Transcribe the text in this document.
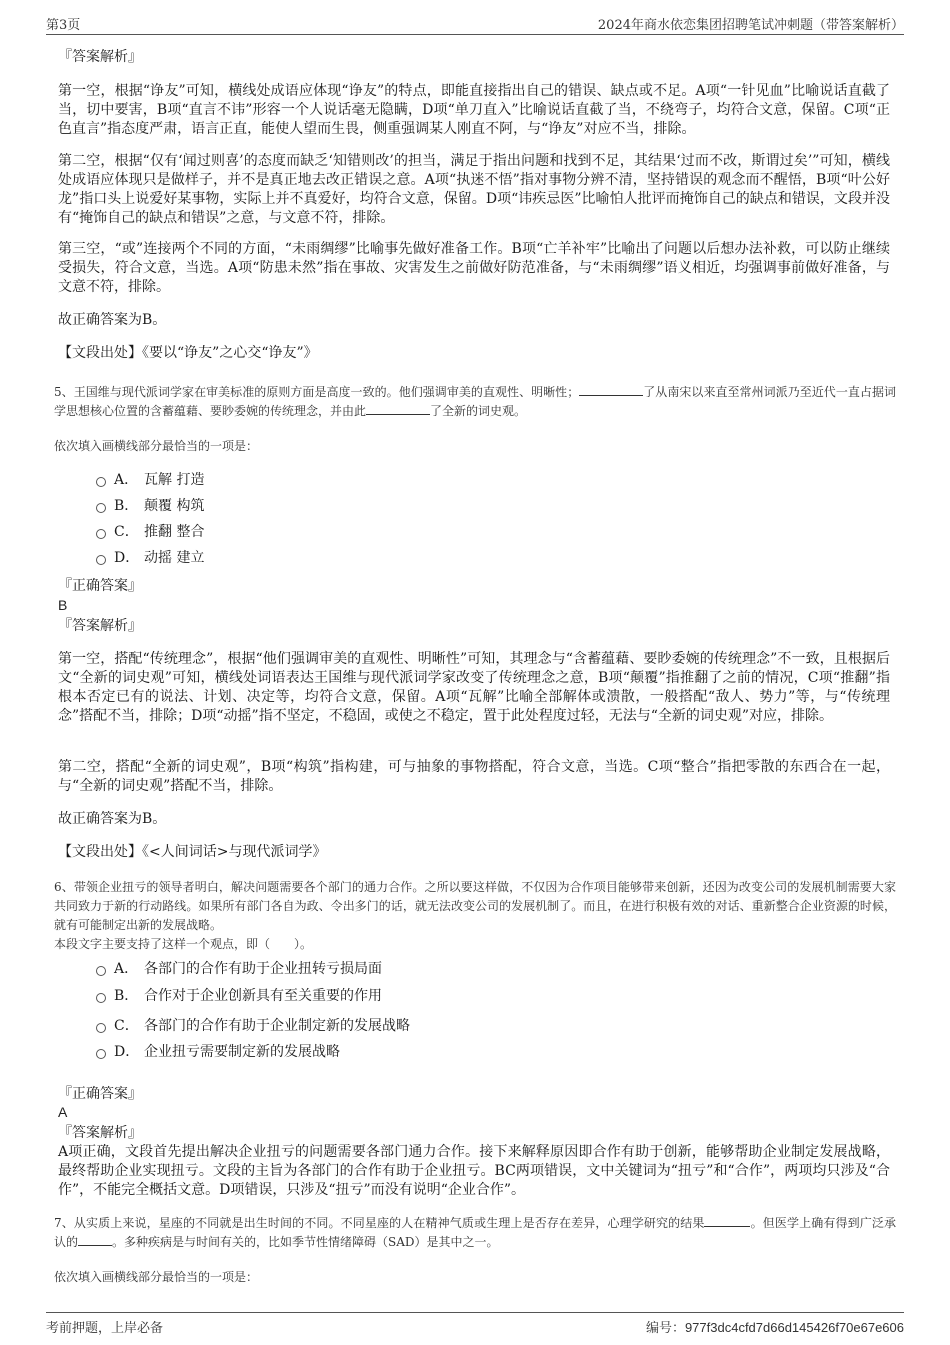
第3页	2024年商水依恋集团招聘笔试冲刺题（带答案解析）
『答案解析』
第一空，根据“诤友”可知，横线处成语应体现“诤友”的特点，即能直接指出自己的错误、缺点或不足。A项“一针见血”比喻说话直截了当，切中要害，B项“直言不讳”形容一个人说话毫无隐瞒，D项“单刀直入”比喻说话直截了当，不绕弯子，均符合文意，保留。C项“正色直言”指态度严肃，语言正直，能使人望而生畏，侧重强调某人刚直不阿，与“诤友”对应不当，排除。
第二空，根据“仅有‘闻过则喜’的态度而缺乏‘知错则改’的担当，满足于指出问题和找到不足，其结果‘过而不改，斯谓过矣’”可知，横线处成语应体现只是做样子，并不是真正地去改正错误之意。A项“执迷不悟”指对事物分辨不清，坚持错误的观念而不醒悟，B项“叶公好龙”指口头上说爱好某事物，实际上并不真爱好，均符合文意，保留。D项“讳疾忌医”比喻怕人批评而掩饰自己的缺点和错误，文段并没有“掩饰自己的缺点和错误”之意，与文意不符，排除。
第三空，“或”连接两个不同的方面，“未雨绸缪”比喻事先做好准备工作。B项“亡羊补牢”比喻出了问题以后想办法补救，可以防止继续受损失，符合文意，当选。A项“防患未然”指在事故、灾害发生之前做好防范准备，与“未雨绸缪”语义相近，均强调事前做好准备，与文意不符，排除。
故正确答案为B。
【文段出处】《要以“诤友”之心交“诤友”》
5、王国维与现代派词学家在审美标准的原则方面是高度一致的。他们强调审美的直观性、明晰性；	了从南宋以来直至常州词派乃至近代一直占据词学思想核心位置的含蓄蕴藉、要眇委婉的传统理念，并由此	了全新的词史观。
依次填入画横线部分最恰当的一项是：
A． 瓦解 打造
B． 颠覆 构筑
C． 推翻 整合
D． 动摇 建立
『正确答案』
B
『答案解析』
第一空，搭配“传统理念”，根据“他们强调审美的直观性、明晰性”可知，其理念与“含蓄蕴藉、要眇委婉的传统理念”不一致，且根据后文“全新的词史观”可知，横线处词语表达王国维与现代派词学家改变了传统理念之意，B项“颠覆”指推翻了之前的情况，C项“推翻”指根本否定已有的说法、计划、决定等，均符合文意，保留。A项“瓦解”比喻全部解体或溃散，一般搭配“敌人、势力”等，与“传统理念”搭配不当，排除；D项“动摇”指不坚定，不稳固，或使之不稳定，置于此处程度过轻，无法与“全新的词史观”对应，排除。
第二空，搭配“全新的词史观”，B项“构筑”指构建，可与抽象的事物搭配，符合文意，当选。C项“整合”指把零散的东西合在一起，与“全新的词史观”搭配不当，排除。
故正确答案为B。
【文段出处】《<人间词话>与现代派词学》
6、带领企业扭亏的领导者明白，解决问题需要各个部门的通力合作。之所以要这样做，不仅因为合作项目能够带来创新，还因为改变公司的发展机制需要大家共同致力于新的行动路线。如果所有部门各自为政、令出多门的话，就无法改变公司的发展机制了。而且，在进行积极有效的对话、重新整合企业资源的时候，就有可能制定出新的发展战略。
本段文字主要支持了这样一个观点，即（　　）。
A． 各部门的合作有助于企业扭转亏损局面
B． 合作对于企业创新具有至关重要的作用
C． 各部门的合作有助于企业制定新的发展战略
D． 企业扭亏需要制定新的发展战略
『正确答案』
A
『答案解析』
A项正确，文段首先提出解决企业扭亏的问题需要各部门通力合作。接下来解释原因即合作有助于创新，能够帮助企业制定发展战略，最终帮助企业实现扭亏。文段的主旨为各部门的合作有助于企业扭亏。BC两项错误，文中关键词为“扭亏”和“合作”，两项均只涉及“合作”，不能完全概括文意。D项错误，只涉及“扭亏”而没有说明“企业合作”。
7、从实质上来说，星座的不同就是出生时间的不同。不同星座的人在精神气质或生理上是否存在差异，心理学研究的结果	。但医学上确有得到广泛承认的	。多种疾病是与时间有关的，比如季节性情绪障碍（SAD）是其中之一。
依次填入画横线部分最恰当的一项是：
考前押题，上岸必备	编号：977f3dc4cfd7d66d145426f70e67e606
